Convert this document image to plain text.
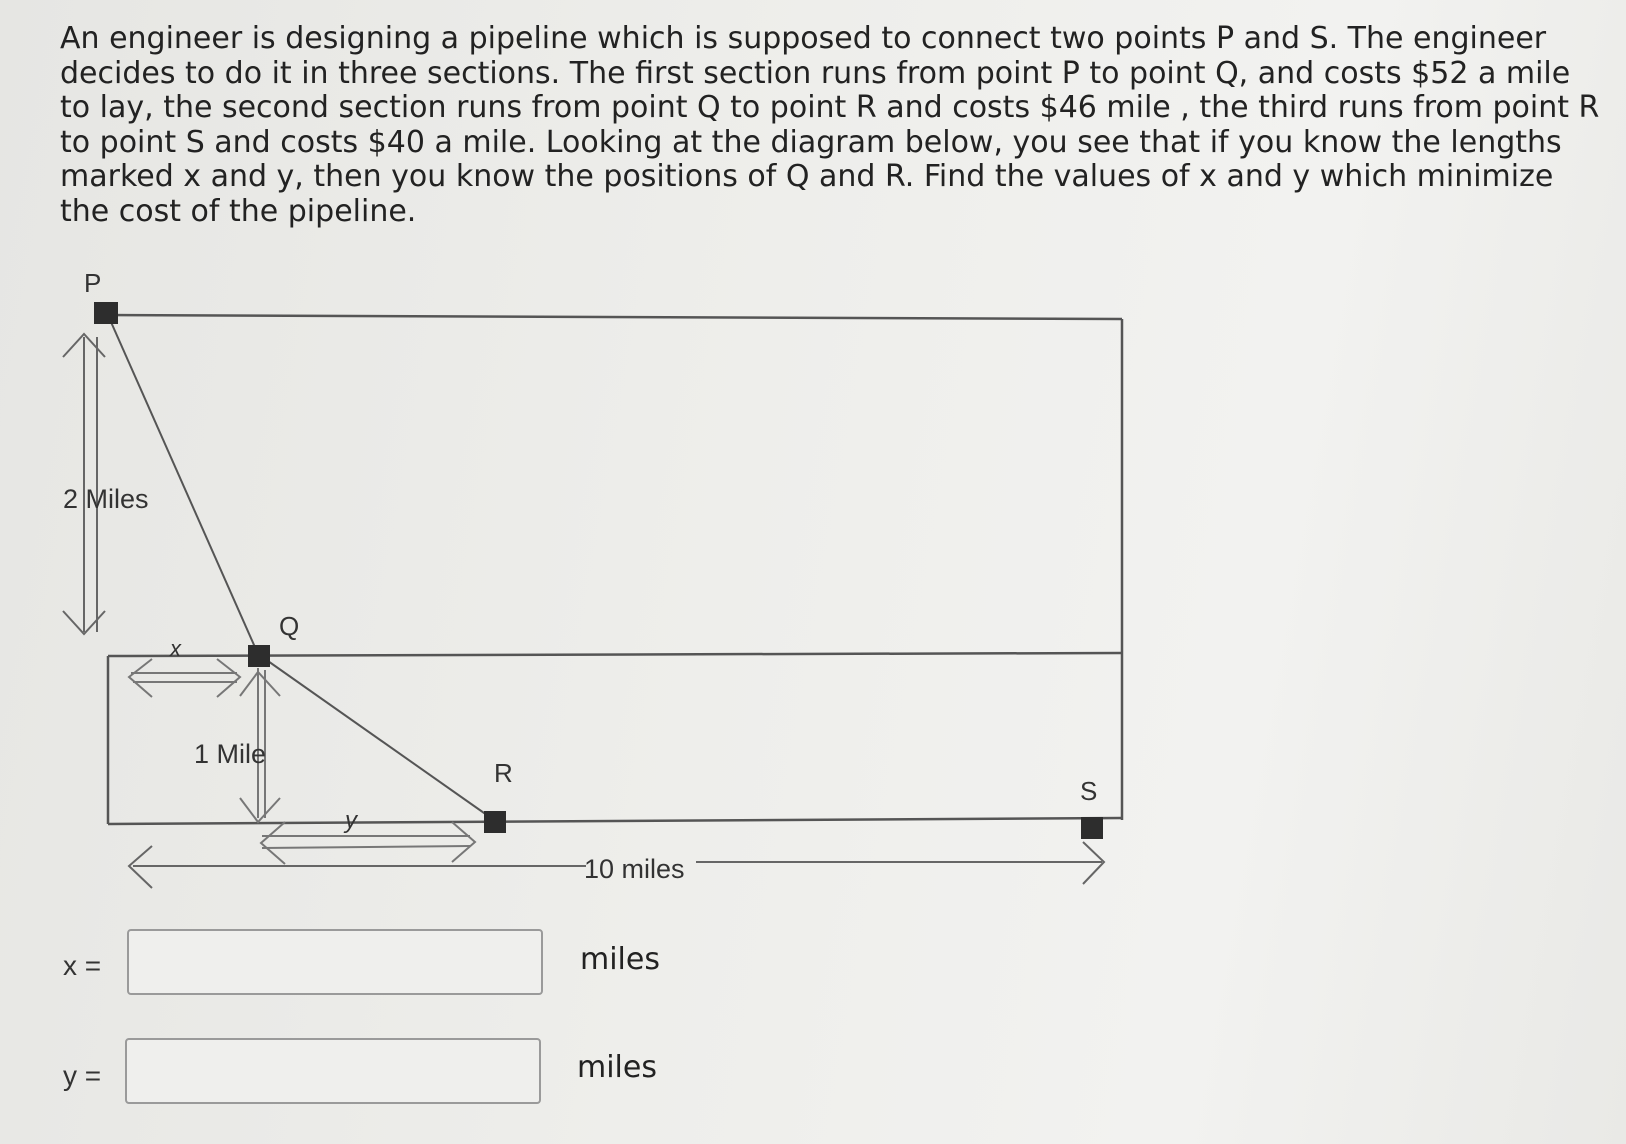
An engineer is designing a pipeline which is supposed to connect two points P and S. The engineer decides to do it in three sections. The first section runs from point P to point Q, and costs $52 a mile to lay, the second section runs from point Q to point R and costs $46 mile , the third runs from point R to point S and costs $40 a mile. Looking at the diagram below, you see that if you know the lengths marked x and y, then you know the positions of Q and R. Find the values of x and y which minimize the cost of the pipeline.

P
Q
R
S
2 Miles
1 Mile
10 miles
x
y
x =	miles
y =	miles
